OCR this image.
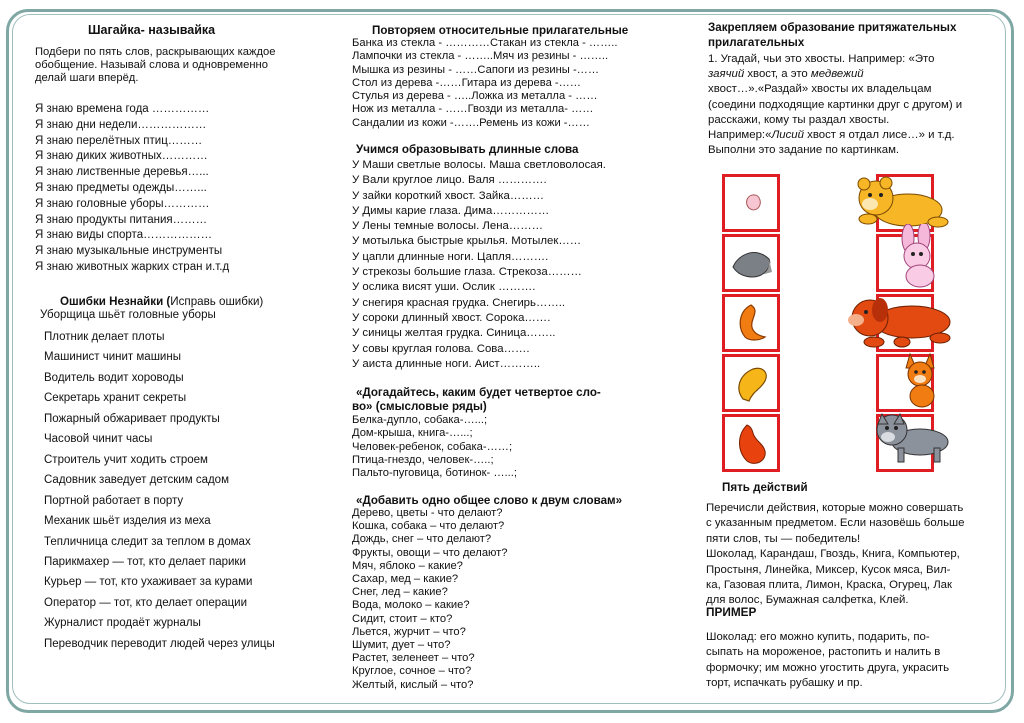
Шагайка- называйка
Подбери по пять слов, раскрывающих каждое
обобщение. Называй слова и одновременно
делай шаги вперёд.
Я знаю времена года ……………
Я знаю дни недели………………
Я знаю перелётных птиц………
Я знаю диких животных…………
Я знаю лиственные деревья…...
Я знаю предметы одежды……...
Я знаю головные уборы…………
Я знаю продукты питания………
Я знаю виды спорта………………
Я знаю музыкальные инструменты
Я знаю животных жарких стран и.т.д
Ошибки Незнайки (Исправь ошибки)
Уборщица шьёт головные уборы
Плотник делает плоты
Машинист чинит машины
Водитель водит хороводы
Секретарь хранит секреты
Пожарный обжаривает продукты
Часовой чинит часы
Строитель учит ходить строем
Садовник заведует детским садом
Портной работает в порту
Механик шьёт изделия из меха
Тепличница следит за теплом в домах
Парикмахер — тот, кто делает парики
Курьер — тот, кто ухаживает за курами
Оператор — тот, кто делает операции
Журналист продаёт журналы
Переводчик переводит людей через улицы
Повторяем относительные прилагательные
Банка из стекла - …………Стакан из стекла - ……..
Лампочки из стекла - ……..Мяч из резины - ……..
Мышка из резины - ……Сапоги из резины -……
Стол из дерева -……Гитара из дерева -……
Стулья из дерева - …..Ложка из металла - ……
Нож из металла - ……Гвозди из металла- ……
Сандалии из кожи -…….Ремень из кожи -……
Учимся образовывать длинные слова
У Маши светлые волосы. Маша светловолосая.
У Вали круглое лицо. Валя ………….
У зайки короткий хвост. Зайка………
У Димы карие глаза. Дима……………
У Лены темные волосы. Лена………
У мотылька быстрые крылья. Мотылек……
У цапли длинные ноги. Цапля……….
У стрекозы большие глаза. Стрекоза………
У ослика висят уши. Ослик ……….
У снегиря красная грудка. Снегирь……..
У сороки длинный хвост. Сорока…….
У синицы желтая грудка. Синица……..
У совы круглая голова. Сова…….
У аиста длинные ноги. Аист………..
«Догадайтесь, каким будет четвертое сло-
во» (смысловые ряды)
Белка-дупло, собака-…...;
Дом-крыша, книга-…...;
Человек-ребенок, собака-……;
Птица-гнездо, человек-…..;
Пальто-пуговица, ботинок- …...;
«Добавить одно общее слово к двум словам»
Дерево, цветы - что делают?
Кошка, собака – что делают?
Дождь, снег – что делают?
Фрукты, овощи – что делают?
Мяч, яблоко – какие?
Сахар, мед – какие?
Снег, лед – какие?
Вода, молоко – какие?
Сидит, стоит – кто?
Льется, журчит – что?
Шумит, дует – что?
Растет, зеленеет – что?
Круглое, сочное – что?
Желтый, кислый – что?
Закрепляем образование притяжательных
прилагательных
1. Угадай, чьи это хвосты. Например: «Это
заячий хвост, а это медвежий
хвост…».«Раздай» хвосты их владельцам
(соедини подходящие картинки друг с другом) и
расскажи, кому ты раздал хвосты.
Например:«Лисий хвост я отдал лисе…» и т.д.
Выполни это задание по картинкам.
Пять действий
Перечисли действия, которые можно совершать
с указанным предметом. Если назовёшь больше
пяти слов, ты — победитель!
Шоколад, Карандаш, Гвоздь, Книга, Компьютер,
Простыня, Линейка, Миксер, Кусок мяса, Вил-
ка, Газовая плита, Лимон, Краска, Огурец, Лак
для волос, Бумажная салфетка, Клей.
ПРИМЕР
Шоколад: его можно купить, подарить, по-
сыпать на мороженое, растопить и налить в
формочку; им можно угостить друга, украсить
торт, испачкать рубашку и пр.
